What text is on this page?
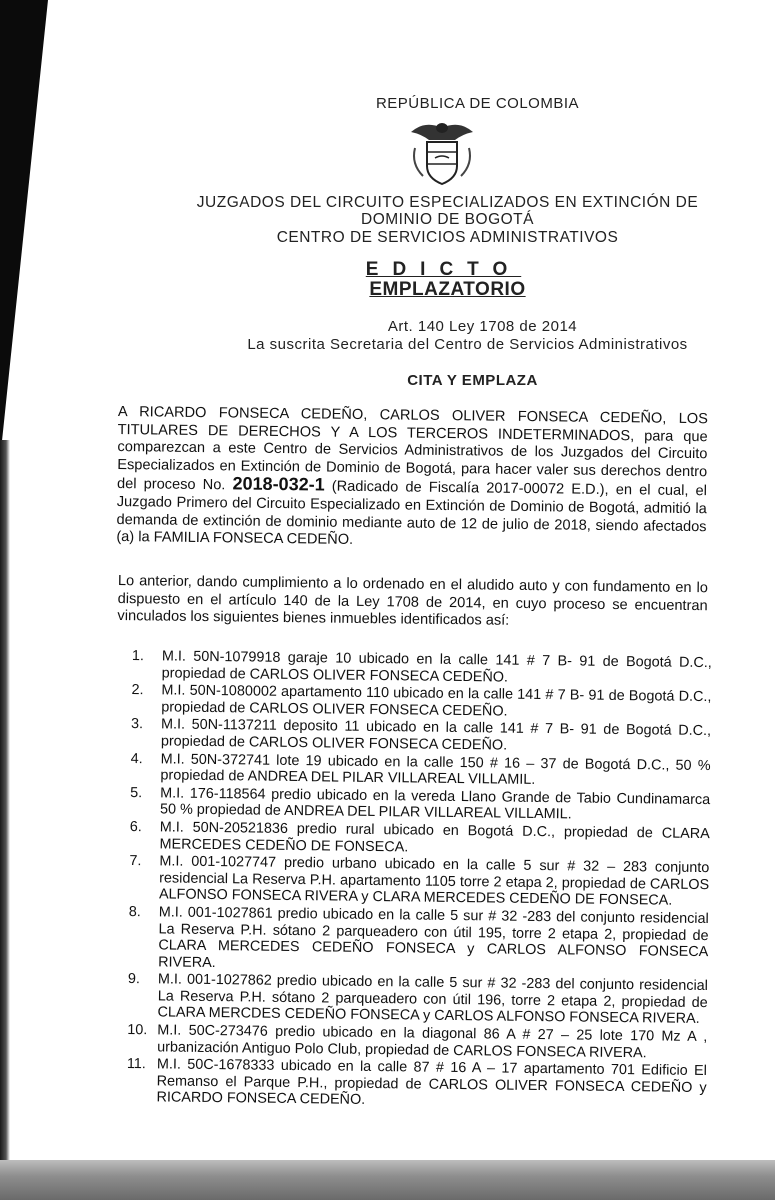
REPÚBLICA DE COLOMBIA
JUZGADOS DEL CIRCUITO ESPECIALIZADOS EN EXTINCIÓN DE
DOMINIO DE BOGOTÁ
CENTRO DE SERVICIOS ADMINISTRATIVOS
EDICTO
EMPLAZATORIO
Art. 140 Ley 1708 de 2014
La suscrita Secretaria del Centro de Servicios Administrativos
CITA Y EMPLAZA
A RICARDO FONSECA CEDEÑO, CARLOS OLIVER FONSECA CEDEÑO, LOS TITULARES DE DERECHOS Y A LOS TERCEROS INDETERMINADOS, para que comparezcan a este Centro de Servicios Administrativos de los Juzgados del Circuito Especializados en Extinción de Dominio de Bogotá, para hacer valer sus derechos dentro del proceso No. 2018-032-1 (Radicado de Fiscalía 2017-00072 E.D.), en el cual, el Juzgado Primero del Circuito Especializado en Extinción de Dominio de Bogotá, admitió la demanda de extinción de dominio mediante auto de 12 de julio de 2018, siendo afectados (a) la FAMILIA FONSECA CEDEÑO.
Lo anterior, dando cumplimiento a lo ordenado en el aludido auto y con fundamento en lo dispuesto en el artículo 140 de la Ley 1708 de 2014, en cuyo proceso se encuentran vinculados los siguientes bienes inmuebles identificados así:
1.	M.I. 50N-1079918 garaje 10 ubicado en la calle 141 # 7 B- 91 de Bogotá D.C., propiedad de CARLOS OLIVER FONSECA CEDEÑO.
2.	M.I. 50N-1080002 apartamento 110 ubicado en la calle 141 # 7 B- 91 de Bogotá D.C., propiedad de CARLOS OLIVER FONSECA CEDEÑO.
3.	M.I. 50N-1137211 deposito 11 ubicado en la calle 141 # 7 B- 91 de Bogotá D.C., propiedad de CARLOS OLIVER FONSECA CEDEÑO.
4.	M.I. 50N-372741 lote 19 ubicado en la calle 150 # 16 – 37 de Bogotá D.C., 50 % propiedad de ANDREA DEL PILAR VILLAREAL VILLAMIL.
5.	M.I. 176-118564 predio ubicado en la vereda Llano Grande de Tabio Cundinamarca 50 % propiedad de ANDREA DEL PILAR VILLAREAL VILLAMIL.
6.	M.I. 50N-20521836 predio rural ubicado en Bogotá D.C., propiedad de CLARA MERCEDES CEDEÑO DE FONSECA.
7.	M.I. 001-1027747 predio urbano ubicado en la calle 5 sur # 32 – 283 conjunto residencial La Reserva P.H. apartamento 1105 torre 2 etapa 2, propiedad de CARLOS ALFONSO FONSECA RIVERA y CLARA MERCEDES CEDEÑO DE FONSECA.
8.	M.I. 001-1027861 predio ubicado en la calle 5 sur # 32 -283 del conjunto residencial La Reserva P.H. sótano 2 parqueadero con útil 195, torre 2 etapa 2, propiedad de CLARA MERCEDES CEDEÑO FONSECA y CARLOS ALFONSO FONSECA RIVERA.
9.	M.I. 001-1027862 predio ubicado en la calle 5 sur # 32 -283 del conjunto residencial La Reserva P.H. sótano 2 parqueadero con útil 196, torre 2 etapa 2, propiedad de CLARA MERCDES CEDEÑO FONSECA y CARLOS ALFONSO FONSECA RIVERA.
10. M.I. 50C-273476 predio ubicado en la diagonal 86 A # 27 – 25 lote 170 Mz A , urbanización Antiguo Polo Club, propiedad de CARLOS FONSECA RIVERA.
11. M.I. 50C-1678333 ubicado en la calle 87 # 16 A – 17 apartamento 701 Edificio El Remanso el Parque P.H., propiedad de CARLOS OLIVER FONSECA CEDEÑO y RICARDO FONSECA CEDEÑO.
